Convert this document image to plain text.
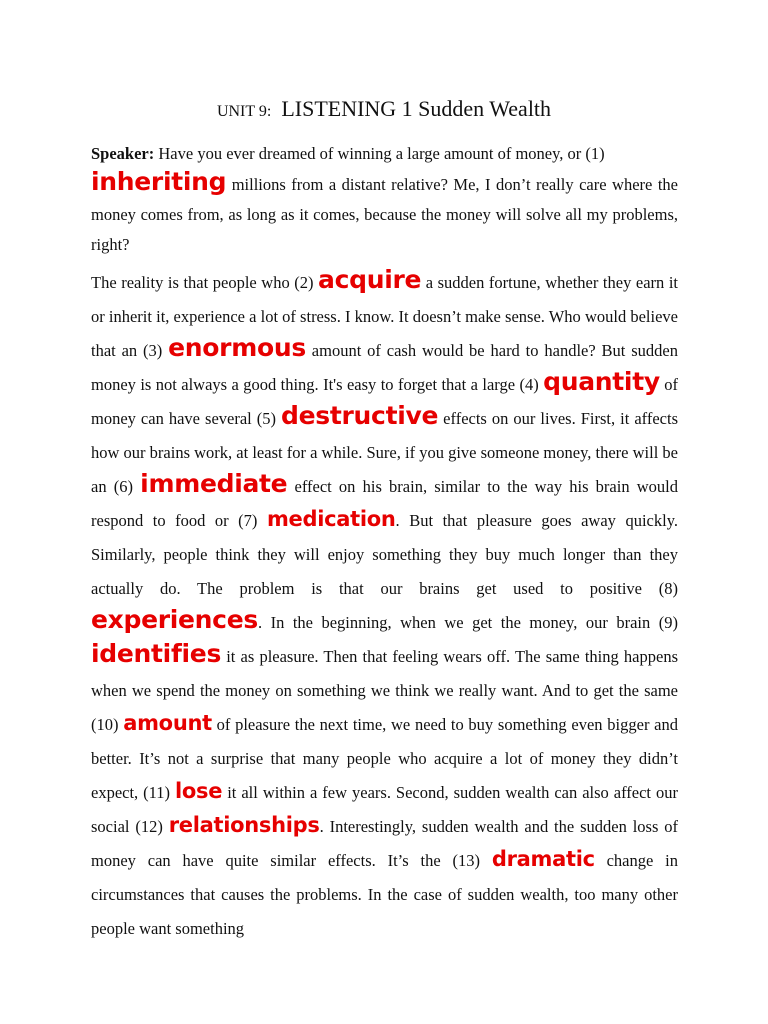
UNIT 9: LISTENING 1 Sudden Wealth
Speaker: Have you ever dreamed of winning a large amount of money, or (1)
inheriting millions from a distant relative? Me, I don’t really care where the money comes from, as long as it comes, because the money will solve all my problems, right?
The reality is that people who (2) acquire a sudden fortune, whether they earn it or inherit it, experience a lot of stress. I know. It doesn’t make sense. Who would believe that an (3) enormous amount of cash would be hard to handle? But sudden money is not always a good thing. It's easy to forget that a large (4) quantity of money can have several (5) destructive effects on our lives. First, it affects how our brains work, at least for a while. Sure, if you give someone money, there will be an (6) immediate effect on his brain, similar to the way his brain would respond to food or (7) medication. But that pleasure goes away quickly. Similarly, people think they will enjoy something they buy much longer than they actually do. The problem is that our brains get used to positive (8) experiences. In the beginning, when we get the money, our brain (9) identifies it as pleasure. Then that feeling wears off. The same thing happens when we spend the money on something we think we really want. And to get the same (10) amount of pleasure the next time, we need to buy something even bigger and better. It’s not a surprise that many people who acquire a lot of money they didn’t expect, (11) lose it all within a few years. Second, sudden wealth can also affect our social (12) relationships. Interestingly, sudden wealth and the sudden loss of money can have quite similar effects. It’s the (13) dramatic change in circumstances that causes the problems. In the case of sudden wealth, too many other people want something
